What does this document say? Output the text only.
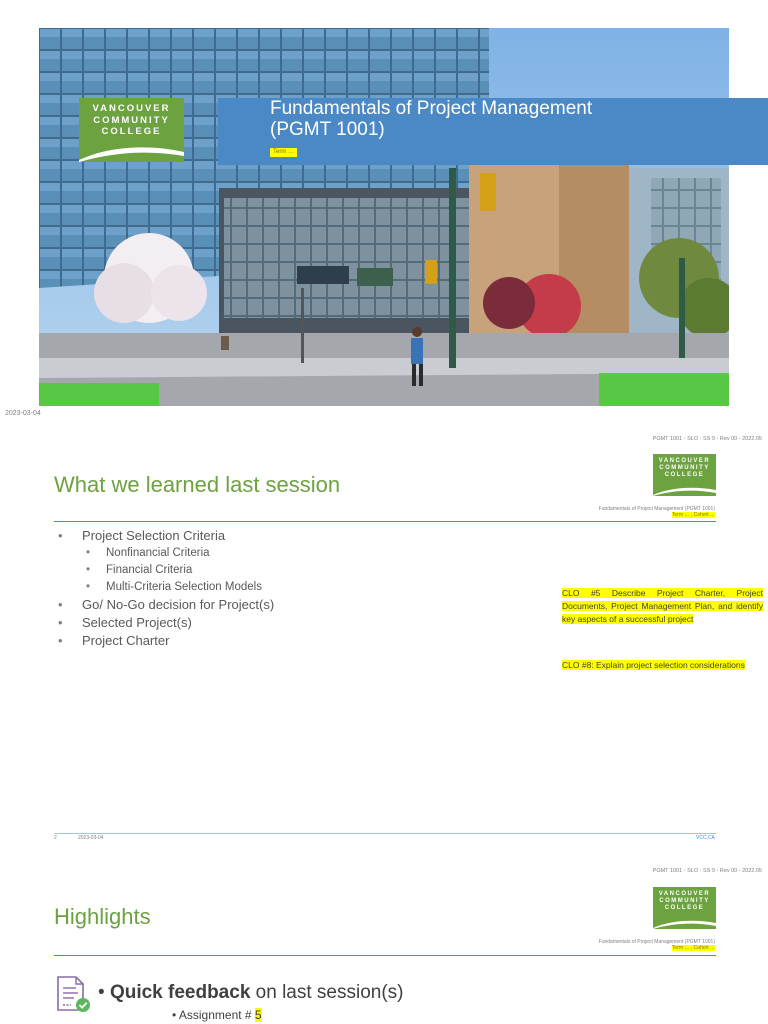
VANCOUVER
COMMUNITY
COLLEGE
Fundamentals of Project Management
(PGMT 1001)
Term …
2023-03-04
PGMT 1001 - SLO - SS 9 - Rev 00 - 2022.05
VANCOUVER
COMMUNITY
COLLEGE
What we learned last session
Fundamentals of Project Management (PGMT 1001)
Term … , Cohort …
• Project Selection Criteria
• Nonfinancial Criteria
• Financial Criteria
• Multi-Criteria Selection Models
• Go/ No-Go decision for Project(s)
• Selected Project(s)
• Project Charter
CLO #5 Describe Project Charter, Project Documents, Project Management Plan, and identify key aspects of a successful project
CLO #8: Explain project selection considerations
2	2023-03-04	VCC.CA
PGMT 1001 - SLO - SS 9 - Rev 00 - 2022.05
VANCOUVER
COMMUNITY
COLLEGE
Highlights
Fundamentals of Project Management (PGMT 1001)
Term … , Cohort …
• Quick feedback on last session(s)
• Assignment # 5
